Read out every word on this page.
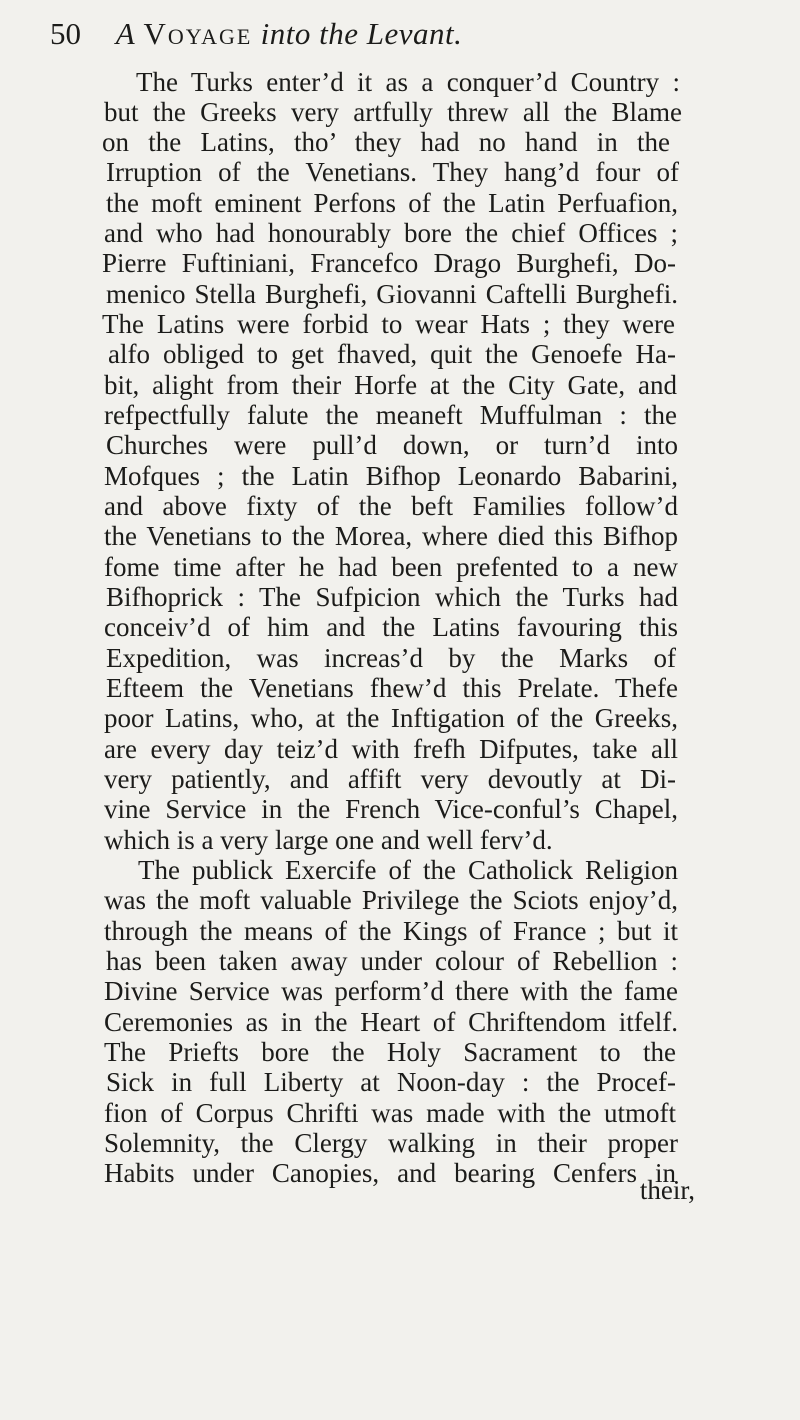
50 A Voyage into the Levant.
The Turks enter’d it as a conquer’d Country :
but the Greeks very artfully threw all the Blame
on the Latins, tho’ they had no hand in the
Irruption of the Venetians. They hang’d four of
the moft eminent Perfons of the Latin Perfuafion,
and who had honourably bore the chief Offices ;
Pierre Fuftiniani, Francefco Drago Burghefi, Do-
menico Stella Burghefi, Giovanni Caftelli Burghefi.
The Latins were forbid to wear Hats ; they were
alfo obliged to get fhaved, quit the Genoefe Ha-
bit, alight from their Horfe at the City Gate, and
refpectfully falute the meaneft Muffulman : the
Churches were pull’d down, or turn’d into
Mofques ; the Latin Bifhop Leonardo Babarini,
and above fixty of the beft Families follow’d
the Venetians to the Morea, where died this Bifhop
fome time after he had been prefented to a new
Bifhoprick : The Sufpicion which the Turks had
conceiv’d of him and the Latins favouring this
Expedition, was increas’d by the Marks of
Efteem the Venetians fhew’d this Prelate. Thefe
poor Latins, who, at the Inftigation of the Greeks,
are every day teiz’d with frefh Difputes, take all
very patiently, and affift very devoutly at Di-
vine Service in the French Vice-conful’s Chapel,
which is a very large one and well ferv’d.
The publick Exercife of the Catholick Religion
was the moft valuable Privilege the Sciots enjoy’d,
through the means of the Kings of France ; but it
has been taken away under colour of Rebellion :
Divine Service was perform’d there with the fame
Ceremonies as in the Heart of Chriftendom itfelf.
The Priefts bore the Holy Sacrament to the
Sick in full Liberty at Noon-day : the Procef-
fion of Corpus Chrifti was made with the utmoft
Solemnity, the Clergy walking in their proper
Habits under Canopies, and bearing Cenfers in
their,
